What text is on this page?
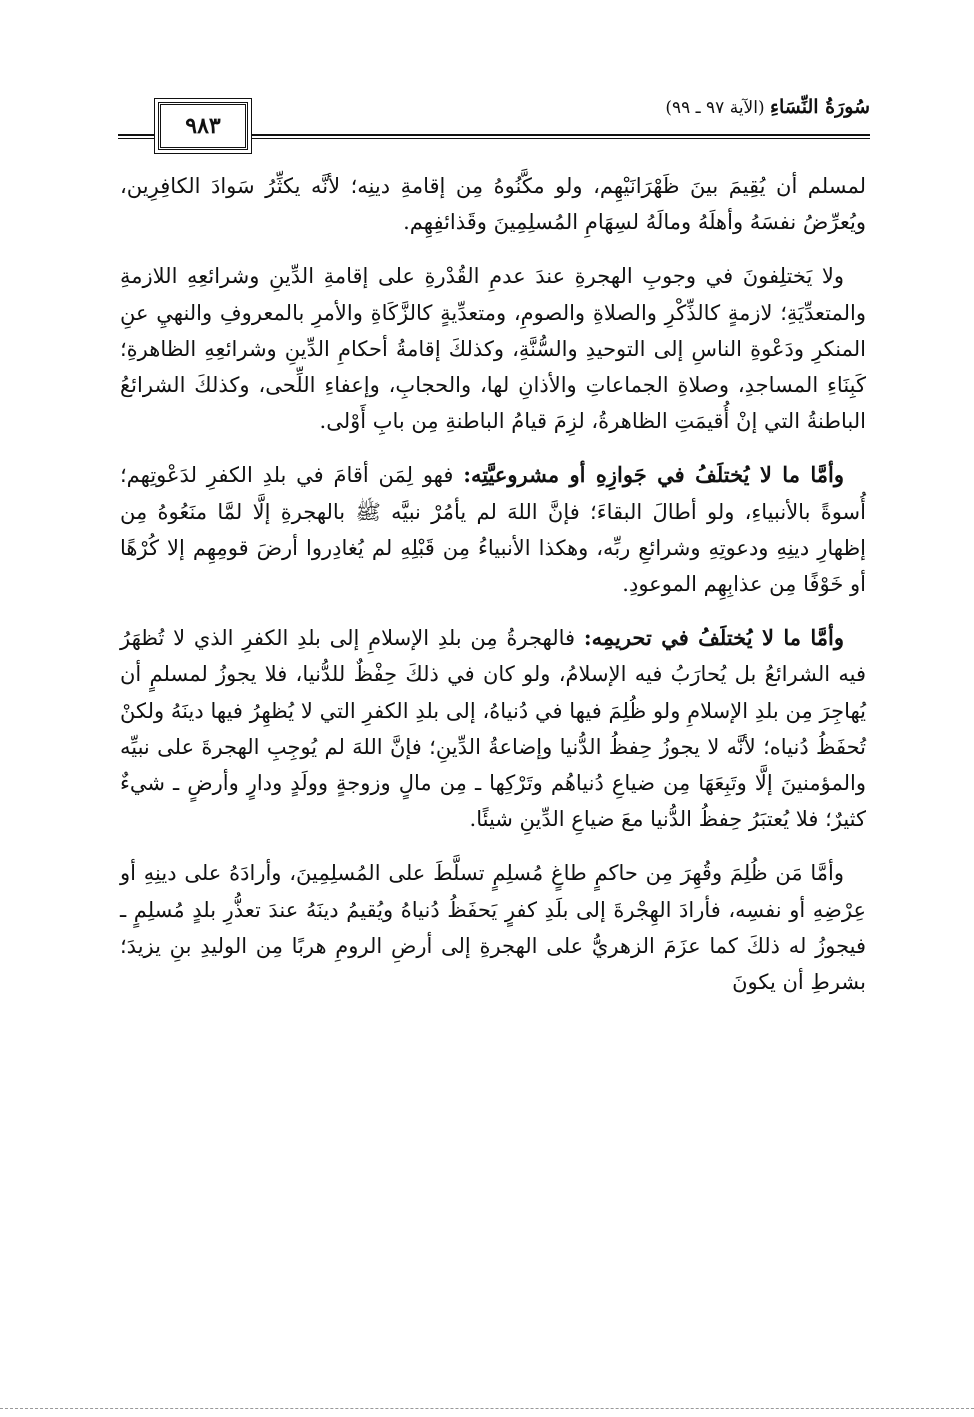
٩٨٣
سُورَةُ النِّسَاءِ (الآية ٩٧ ـ ٩٩)

لمسلم أن يُقِيمَ بينَ ظَهْرَانَيْهِم، ولو مكَّنُوهُ مِن إقامةِ دينِه؛ لأنَّه يكثِّرُ سَوادَ الكافِرِين، ويُعرِّضُ نفسَهُ وأهلَهُ ومالَهُ لسِهَامِ المُسلِمِينَ وقَذائفِهِم.

ولا يَختلِفونَ في وجوبِ الهجرةِ عندَ عدمِ القُدْرةِ على إقامةِ الدِّينِ وشرائعِهِ اللازمةِ والمتعدِّيَةِ؛ لازمةٍ كالذِّكْرِ والصلاةِ والصومِ، ومتعدِّيةٍ كالزَّكَاةِ والأمرِ بالمعروفِ والنهيِ عنِ المنكرِ ودَعْوةِ الناسِ إلى التوحيدِ والسُّنَّةِ، وكذلكَ إقامةُ أحكامِ الدِّينِ وشرائعِهِ الظاهرةِ؛ كَبِنَاءِ المساجدِ، وصلاةِ الجماعاتِ والأذانِ لها، والحجابِ، وإعفاءِ اللِّحى، وكذلكَ الشرائعُ الباطنةُ التي إنْ أُقيمَتِ الظاهرةُ، لزِمَ قيامُ الباطنةِ مِن بابِ أَوْلى.

وأمَّا ما لا يُختلَفُ في جَوازِهِ أو مشروعيَّتِه: فهو لِمَن أقامَ في بلدِ الكفرِ لدَعْوتِهم؛ أُسوةً بالأنبياءِ، ولو أطالَ البقاءَ؛ فإنَّ اللهَ لم يأمُرْ نبيَّه ﷺ بالهجرةِ إلَّا لمَّا منَعُوهُ مِن إظهارِ دينِهِ ودعوتِهِ وشرائعِ ربِّه، وهكذا الأنبياءُ مِن قَبْلِهِ لم يُغادِروا أرضَ قومِهِم إلا كُرْهًا أو خَوْفًا مِن عذابِهِم الموعودِ.

وأمَّا ما لا يُختلَفُ في تحريمِه: فالهجرةُ مِن بلدِ الإسلامِ إلى بلدِ الكفرِ الذي لا تُظهَرُ فيه الشرائعُ بل يُحارَبُ فيه الإسلامُ، ولو كان في ذلكَ حِفْظٌ للدُّنيا، فلا يجوزُ لمسلمٍ أن يُهاجِرَ مِن بلدِ الإسلامِ ولو ظُلِمَ فيها في دُنياهُ، إلى بلدِ الكفرِ التي لا يُظهِرُ فيها دينَهُ ولكنْ تُحفَظُ دُنياه؛ لأنَّه لا يجوزُ حِفظُ الدُّنيا وإضاعةُ الدِّينِ؛ فإنَّ اللهَ لم يُوجِبِ الهجرةَ على نبيِّه والمؤمنينَ إلَّا وتَبِعَهَا مِن ضياعِ دُنياهُم وتَرْكِها ـ مِن مالٍ وزوجةٍ وولَدٍ ودارٍ وأرضٍ ـ شيءٌ كثيرٌ؛ فلا يُعتبَرُ حِفظُ الدُّنيا معَ ضياعِ الدِّينِ شيئًا.

وأمَّا مَن ظُلِمَ وقُهِرَ مِن حاكمٍ طاغٍ مُسلِمٍ تسلَّطَ على المُسلِمِينَ، وأرادَهُ على دينِهِ أو عِرْضِهِ أو نفسِه، فأرادَ الهِجْرةَ إلى بلَدِ كفرٍ يَحفَظُ دُنياهُ ويُقيمُ دينَهُ عندَ تعذُّرِ بلدٍ مُسلِمٍ ـ فيجوزُ له ذلكَ كما عزَمَ الزهريُّ على الهجرةِ إلى أرضِ الرومِ هربًا مِن الوليدِ بنِ يزيدَ؛ بشرطِ أن يكونَ
